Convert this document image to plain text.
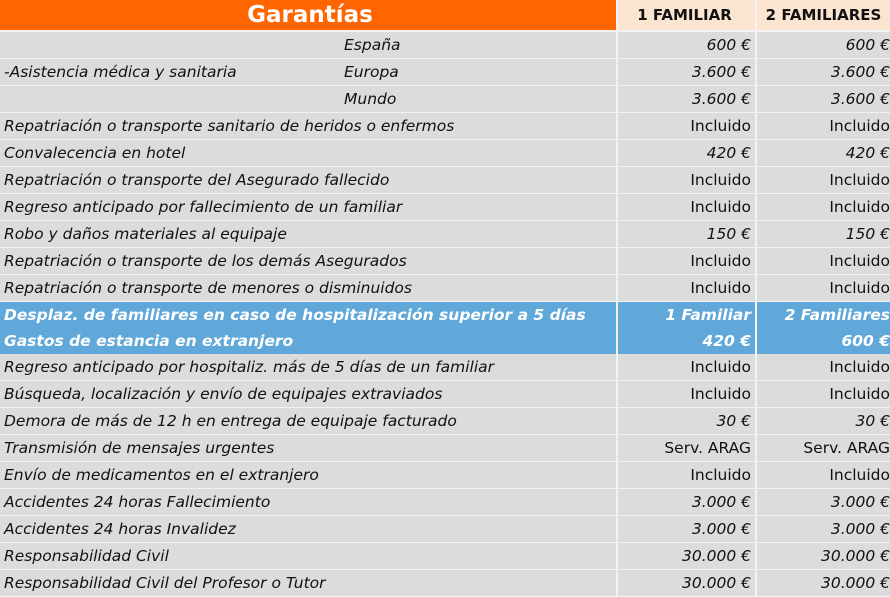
Garantías	1 FAMILIAR	2 FAMILIARES
España	600 €	600 €
-Asistencia médica y sanitaria Europa	3.600 €	3.600 €
Mundo	3.600 €	3.600 €
Repatriación o transporte sanitario de heridos o enfermos	Incluido	Incluido
Convalecencia en hotel	420 €	420 €
Repatriación o transporte del Asegurado fallecido	Incluido	Incluido
Regreso anticipado por fallecimiento de un familiar	Incluido	Incluido
Robo y daños materiales al equipaje	150 €	150 €
Repatriación o transporte de los demás Asegurados	Incluido	Incluido
Repatriación o transporte de menores o disminuidos	Incluido	Incluido
Desplaz. de familiares en caso de hospitalización superior a 5 días	1 Familiar	2 Familiares
Gastos de estancia en extranjero	420 €	600 €
Regreso anticipado por hospitaliz. más de 5 días de un familiar	Incluido	Incluido
Búsqueda, localización y envío de equipajes extraviados	Incluido	Incluido
Demora de más de 12 h en entrega de equipaje facturado	30 €	30 €
Transmisión de mensajes urgentes	Serv. ARAG	Serv. ARAG
Envío de medicamentos en el extranjero	Incluido	Incluido
Accidentes 24 horas Fallecimiento	3.000 €	3.000 €
Accidentes 24 horas Invalidez	3.000 €	3.000 €
Responsabilidad Civil	30.000 €	30.000 €
Responsabilidad Civil del Profesor o Tutor	30.000 €	30.000 €
